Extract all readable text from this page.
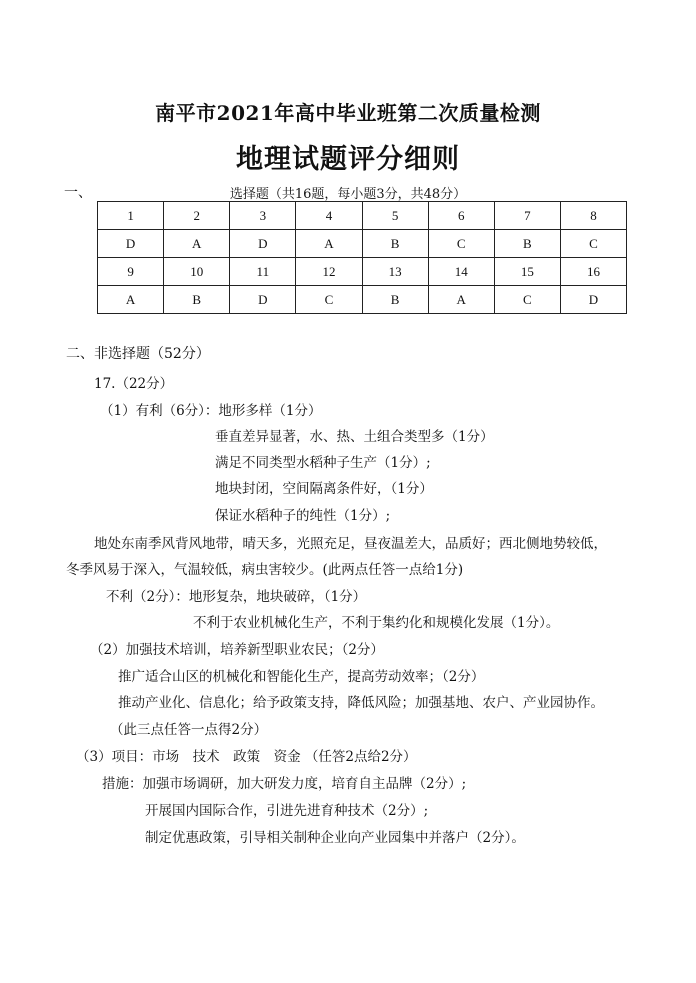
南平市2021年高中毕业班第二次质量检测
地理试题评分细则
一、	选择题（共16题，每小题3分，共48分）
1	2	3	4	5	6	7	8
D	A	D	A	B	C	B	C
9	10	11	12	13	14	15	16
A	B	D	C	B	A	C	D
二、非选择题（52分）
17.（22分）
（1）有利（6分）：地形多样（1分）
垂直差异显著，水、热、土组合类型多（1分）
满足不同类型水稻种子生产（1分）;
地块封闭，空间隔离条件好，（1分）
保证水稻种子的纯性（1分）;
地处东南季风背风地带，晴天多，光照充足，昼夜温差大，品质好；西北侧地势较低，
冬季风易于深入，气温较低，病虫害较少。(此两点任答一点给1分)
不利（2分）：地形复杂，地块破碎，（1分）
不利于农业机械化生产，不利于集约化和规模化发展（1分）。
（2）加强技术培训，培养新型职业农民；（2分）
推广适合山区的机械化和智能化生产，提高劳动效率；（2分）
推动产业化、信息化；给予政策支持，降低风险；加强基地、农户、产业园协作。
（此三点任答一点得2分）
（3）项目：市场　技术　政策　资金 （任答2点给2分）
措施：加强市场调研，加大研发力度，培育自主品牌（2分）;
开展国内国际合作，引进先进育种技术（2分）;
制定优惠政策，引导相关制种企业向产业园集中并落户（2分）。
